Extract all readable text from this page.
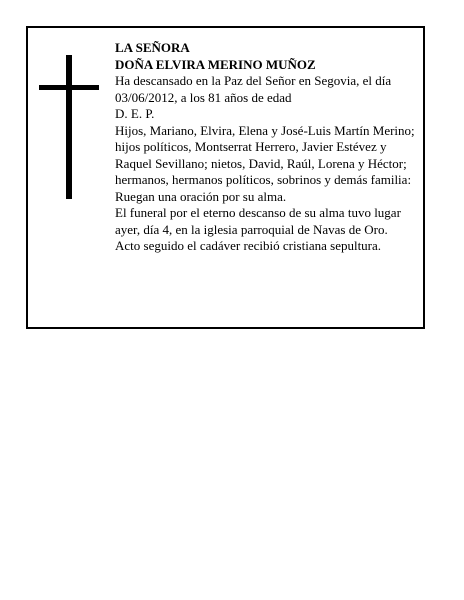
LA SEÑORA

DOÑA ELVIRA MERINO MUÑOZ

Ha descansado en la Paz del Señor en Segovia, el día 03/06/2012, a los 81 años de edad

D. E. P.

Hijos, Mariano, Elvira, Elena y José-Luis Martín Merino; hijos políticos, Montserrat Herrero, Javier Estévez y Raquel Sevillano; nietos, David, Raúl, Lorena y Héctor; hermanos, hermanos políticos, sobrinos y demás familia:

Ruegan una oración por su alma.

El funeral por el eterno descanso de su alma tuvo lugar ayer, día 4, en la iglesia parroquial de Navas de Oro. Acto seguido el cadáver recibió cristiana sepultura.
